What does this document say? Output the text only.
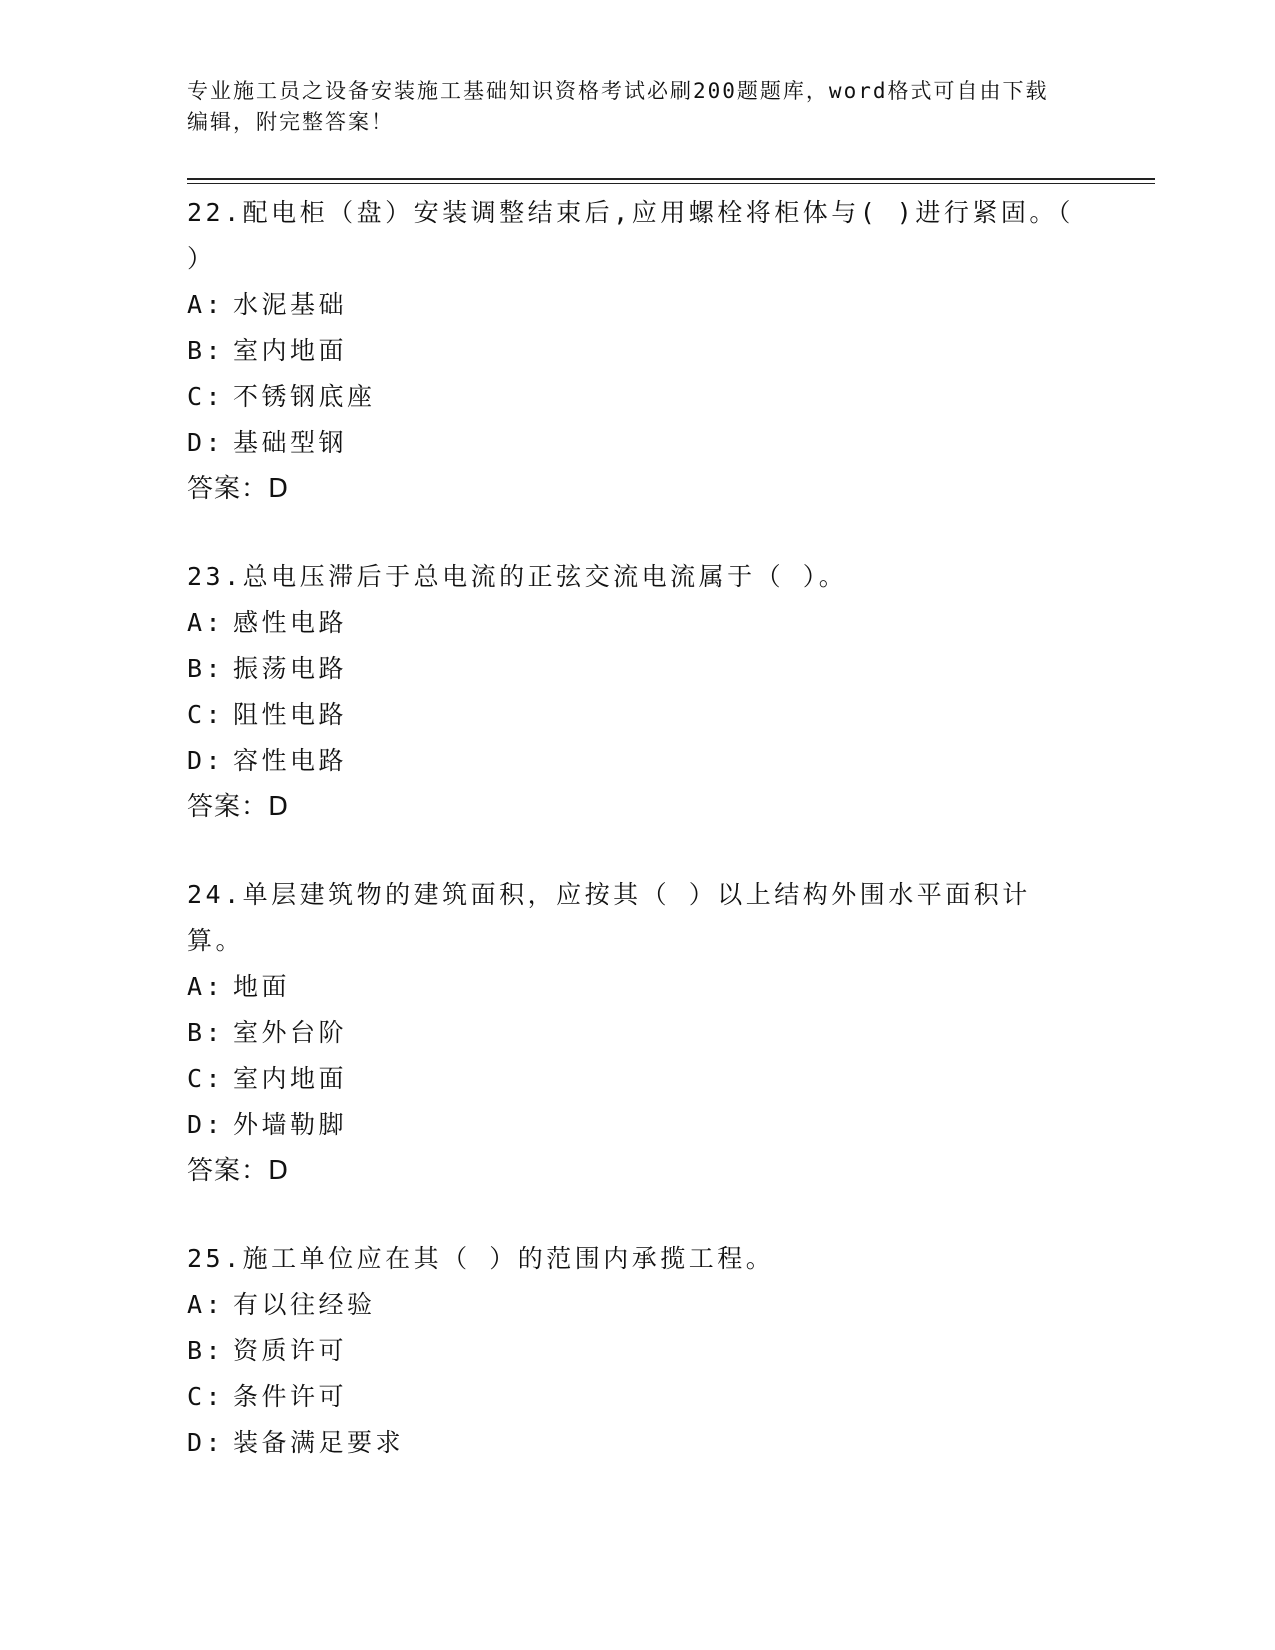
专业施工员之设备安装施工基础知识资格考试必刷200题题库，word格式可自由下载编辑，附完整答案！
22.配电柜（盘）安装调整结束后,应用螺栓将柜体与( )进行紧固。（ ）
A: 水泥基础
B: 室内地面
C: 不锈钢底座
D: 基础型钢
答案：D
23.总电压滞后于总电流的正弦交流电流属于（ ）。
A: 感性电路
B: 振荡电路
C: 阻性电路
D: 容性电路
答案：D
24.单层建筑物的建筑面积，应按其（ ）以上结构外围水平面积计算。
A: 地面
B: 室外台阶
C: 室内地面
D: 外墙勒脚
答案：D
25.施工单位应在其（ ）的范围内承揽工程。
A: 有以往经验
B: 资质许可
C: 条件许可
D: 装备满足要求
